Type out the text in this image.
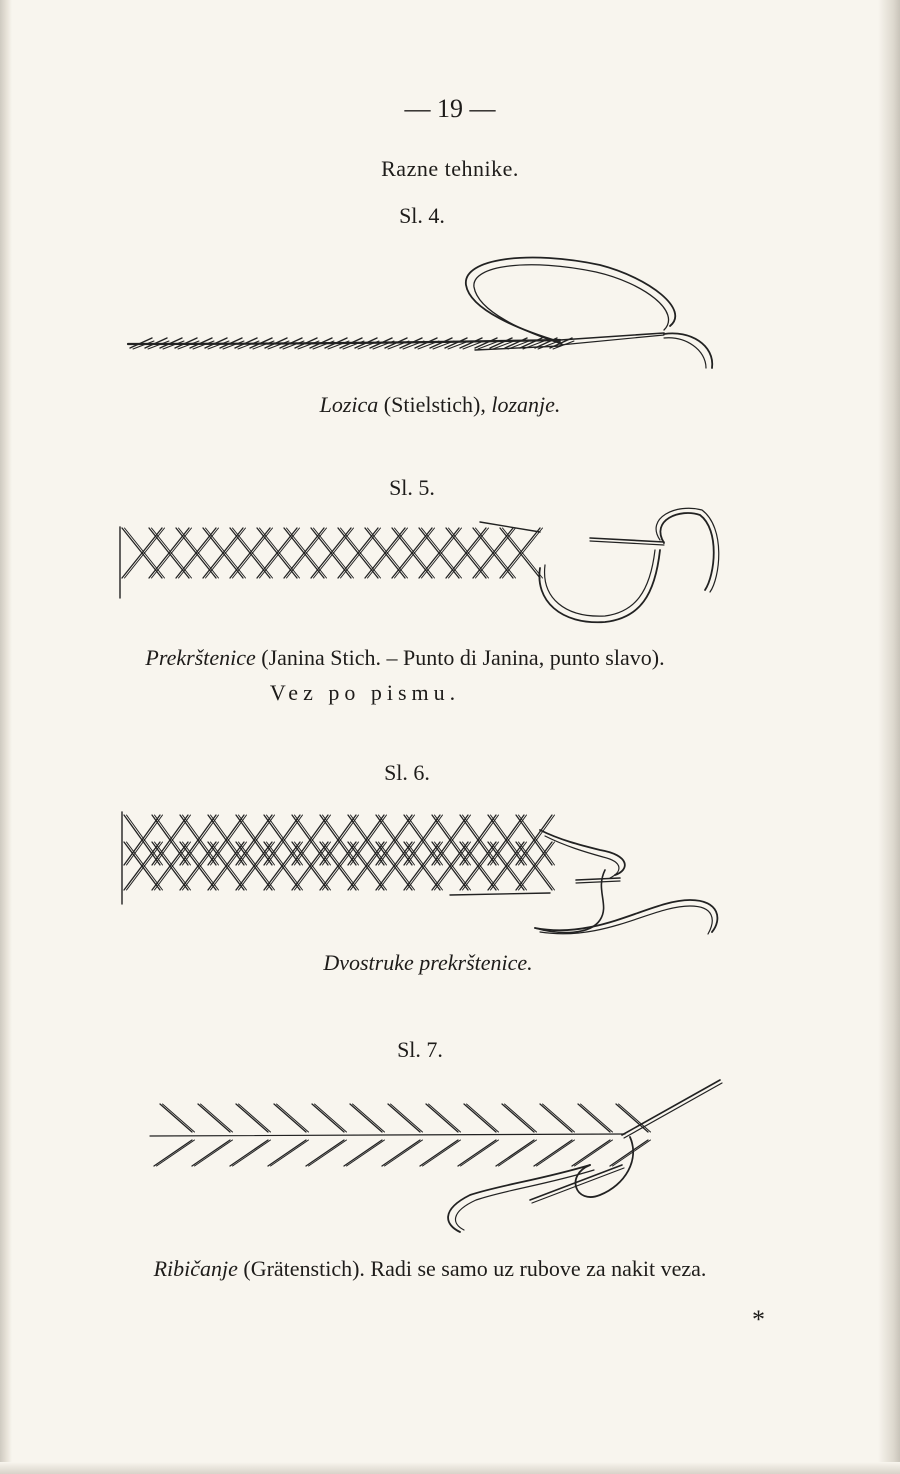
— 19 —

Razne tehnike.

Sl. 4.

Lozica (Stielstich), lozanje.

Sl. 5.

Prekrštenice (Janina Stich. – Punto di Janina, punto slavo).

Vez po pismu.

Sl. 6.

Dvostruke prekrštenice.

Sl. 7.

Ribičanje (Grätenstich). Radi se samo uz rubove za nakit veza.

*
